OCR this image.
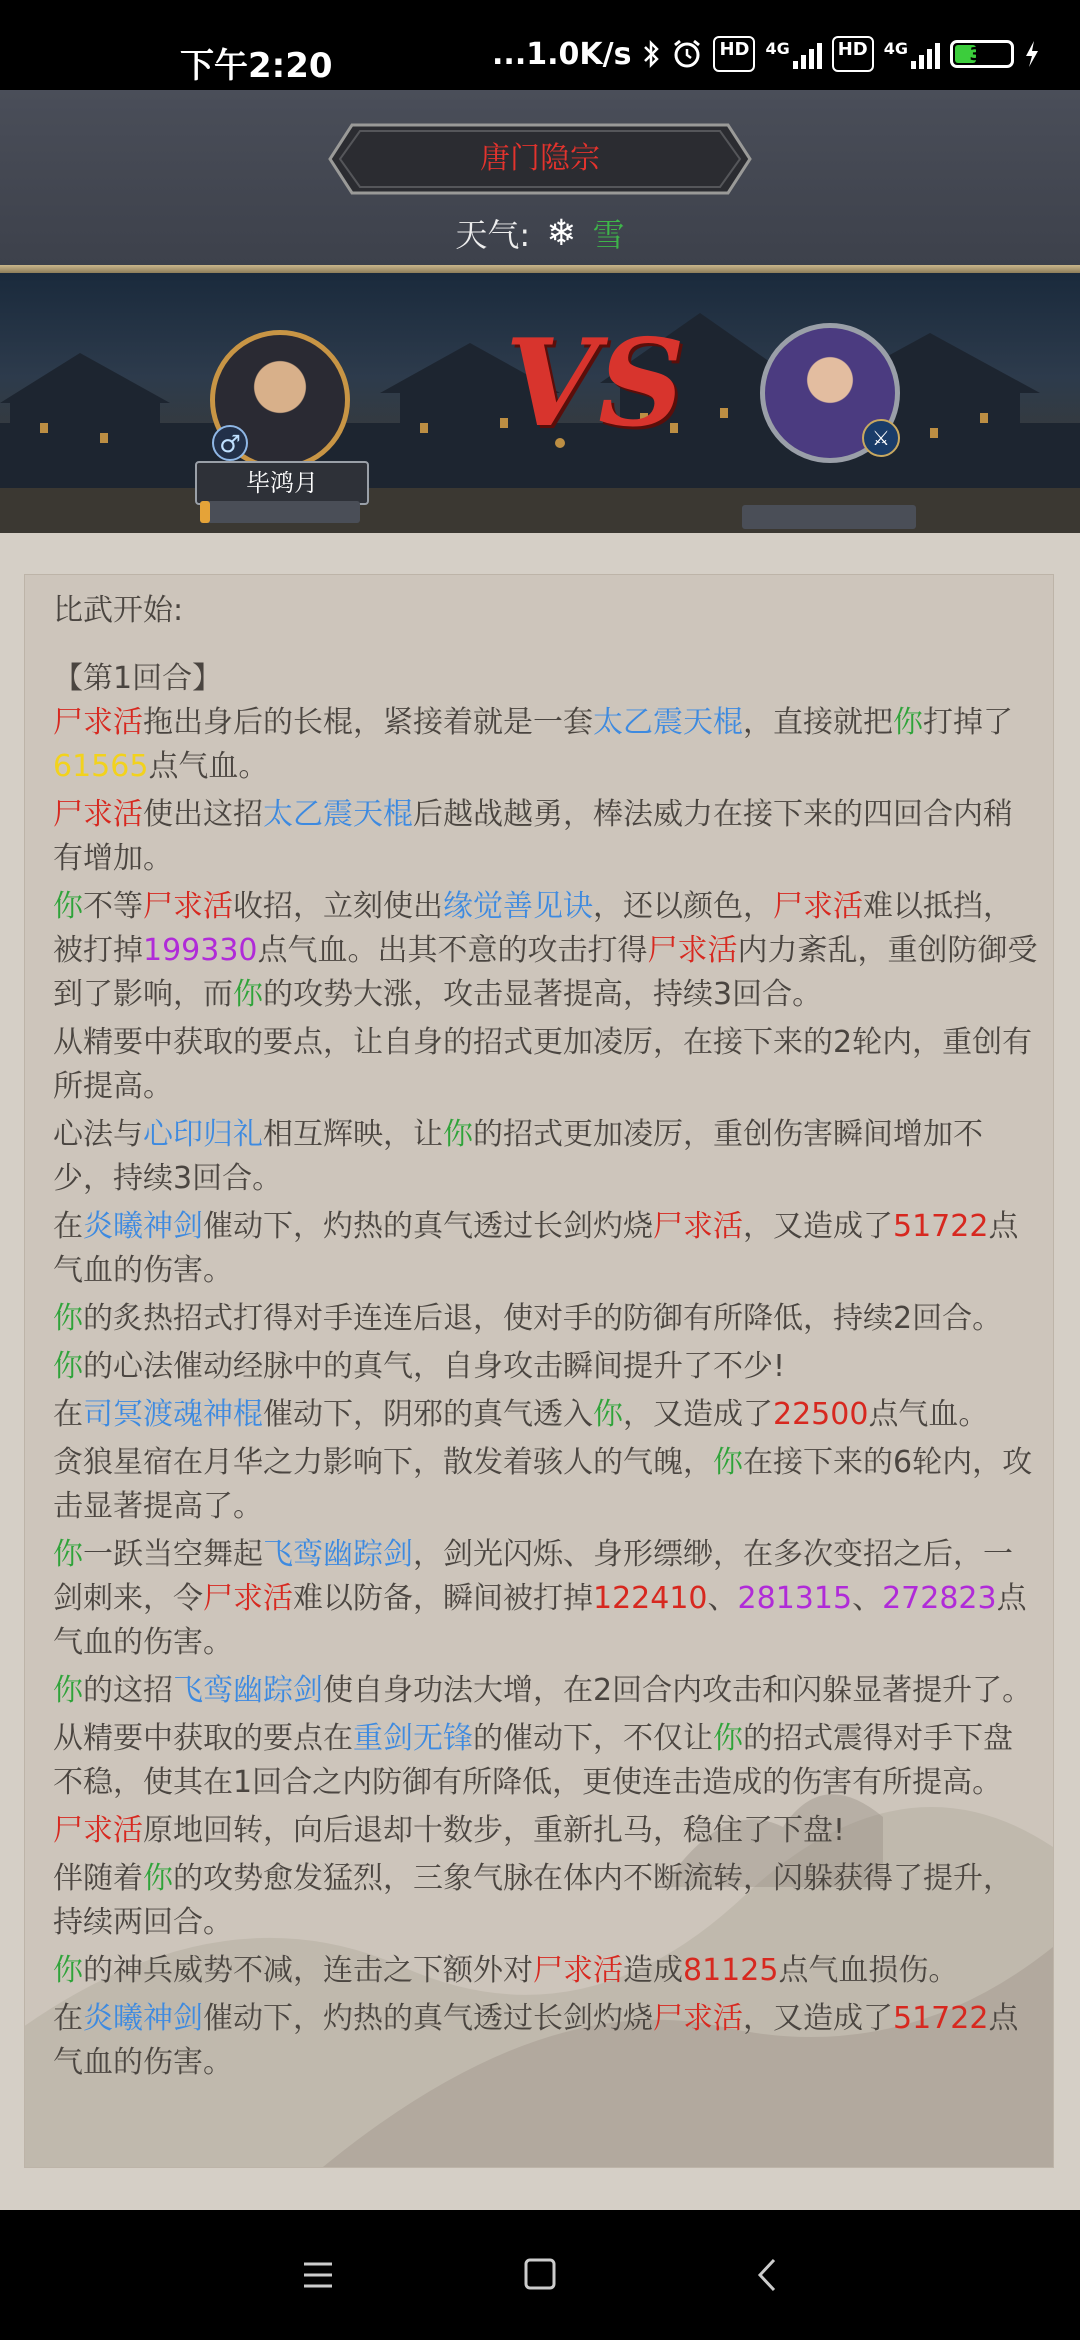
下午2:20	...1.0K/s	HD	4G	HD	4G	37
唐门隐宗
天气: ❄ 雪
♂
毕鸿月
VS	⚔

比武开始:

【第1回合】

尸求活拖出身后的长棍，紧接着就是一套太乙震天棍，直接就把你打掉了61565点气血。

尸求活使出这招太乙震天棍后越战越勇，棒法威力在接下来的四回合内稍有增加。

你不等尸求活收招，立刻使出缘觉善见诀，还以颜色，尸求活难以抵挡，被打掉199330点气血。出其不意的攻击打得尸求活内力紊乱，重创防御受到了影响，而你的攻势大涨，攻击显著提高，持续3回合。

从精要中获取的要点，让自身的招式更加凌厉，在接下来的2轮内，重创有所提高。

心法与心印归礼相互辉映，让你的招式更加凌厉，重创伤害瞬间增加不少，持续3回合。

在炎曦神剑催动下，灼热的真气透过长剑灼烧尸求活，又造成了51722点气血的伤害。

你的炙热招式打得对手连连后退，使对手的防御有所降低，持续2回合。

你的心法催动经脉中的真气，自身攻击瞬间提升了不少!

在司冥渡魂神棍催动下，阴邪的真气透入你，又造成了22500点气血。

贪狼星宿在月华之力影响下，散发着骇人的气魄，你在接下来的6轮内，攻击显著提高了。

你一跃当空舞起飞鸾幽踪剑，剑光闪烁、身形缥缈，在多次变招之后，一剑刺来，令尸求活难以防备，瞬间被打掉122410、281315、272823点气血的伤害。

你的这招飞鸾幽踪剑使自身功法大增，在2回合内攻击和闪躲显著提升了。

从精要中获取的要点在重剑无锋的催动下，不仅让你的招式震得对手下盘不稳，使其在1回合之内防御有所降低，更使连击造成的伤害有所提高。

尸求活原地回转，向后退却十数步，重新扎马，稳住了下盘!

伴随着你的攻势愈发猛烈，三象气脉在体内不断流转，闪躲获得了提升，持续两回合。

你的神兵威势不减，连击之下额外对尸求活造成81125点气血损伤。

在炎曦神剑催动下，灼热的真气透过长剑灼烧尸求活，又造成了51722点气血的伤害。
